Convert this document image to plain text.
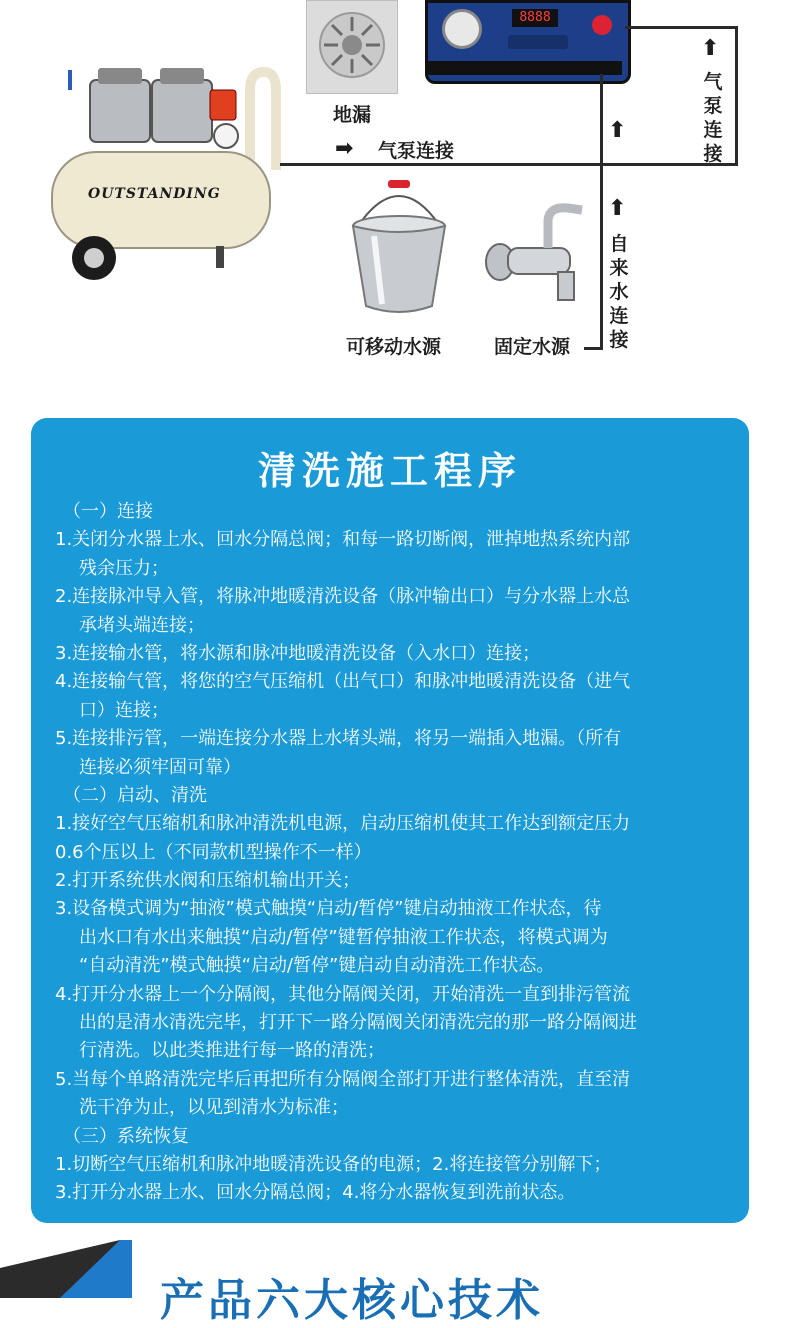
地漏
8888
OUTSTANDING
➡ 气泵连接
⬆
⬆
⬆
自来水连接
气泵连接
可移动水源	固定水源
清洗施工程序
（一）连接
1.关闭分水器上水、回水分隔总阀；和每一路切断阀，泄掉地热系统内部
残余压力；
2.连接脉冲导入管，将脉冲地暖清洗设备（脉冲输出口）与分水器上水总
承堵头端连接；
3.连接输水管，将水源和脉冲地暖清洗设备（入水口）连接；
4.连接输气管，将您的空气压缩机（出气口）和脉冲地暖清洗设备（进气
口）连接；
5.连接排污管，一端连接分水器上水堵头端，将另一端插入地漏。（所有
连接必须牢固可靠）
（二）启动、清洗
1.接好空气压缩机和脉冲清洗机电源，启动压缩机使其工作达到额定压力
0.6个压以上（不同款机型操作不一样）
2.打开系统供水阀和压缩机输出开关；
3.设备模式调为“抽液”模式触摸“启动/暂停”键启动抽液工作状态，待
出水口有水出来触摸“启动/暂停”键暂停抽液工作状态，将模式调为
“自动清洗”模式触摸“启动/暂停”键启动自动清洗工作状态。
4.打开分水器上一个分隔阀，其他分隔阀关闭，开始清洗一直到排污管流
出的是清水清洗完毕，打开下一路分隔阀关闭清洗完的那一路分隔阀进
行清洗。以此类推进行每一路的清洗；
5.当每个单路清洗完毕后再把所有分隔阀全部打开进行整体清洗，直至清
洗干净为止，以见到清水为标准；
（三）系统恢复
1.切断空气压缩机和脉冲地暖清洗设备的电源；2.将连接管分别解下；
3.打开分水器上水、回水分隔总阀；4.将分水器恢复到洗前状态。
产品六大核心技术
